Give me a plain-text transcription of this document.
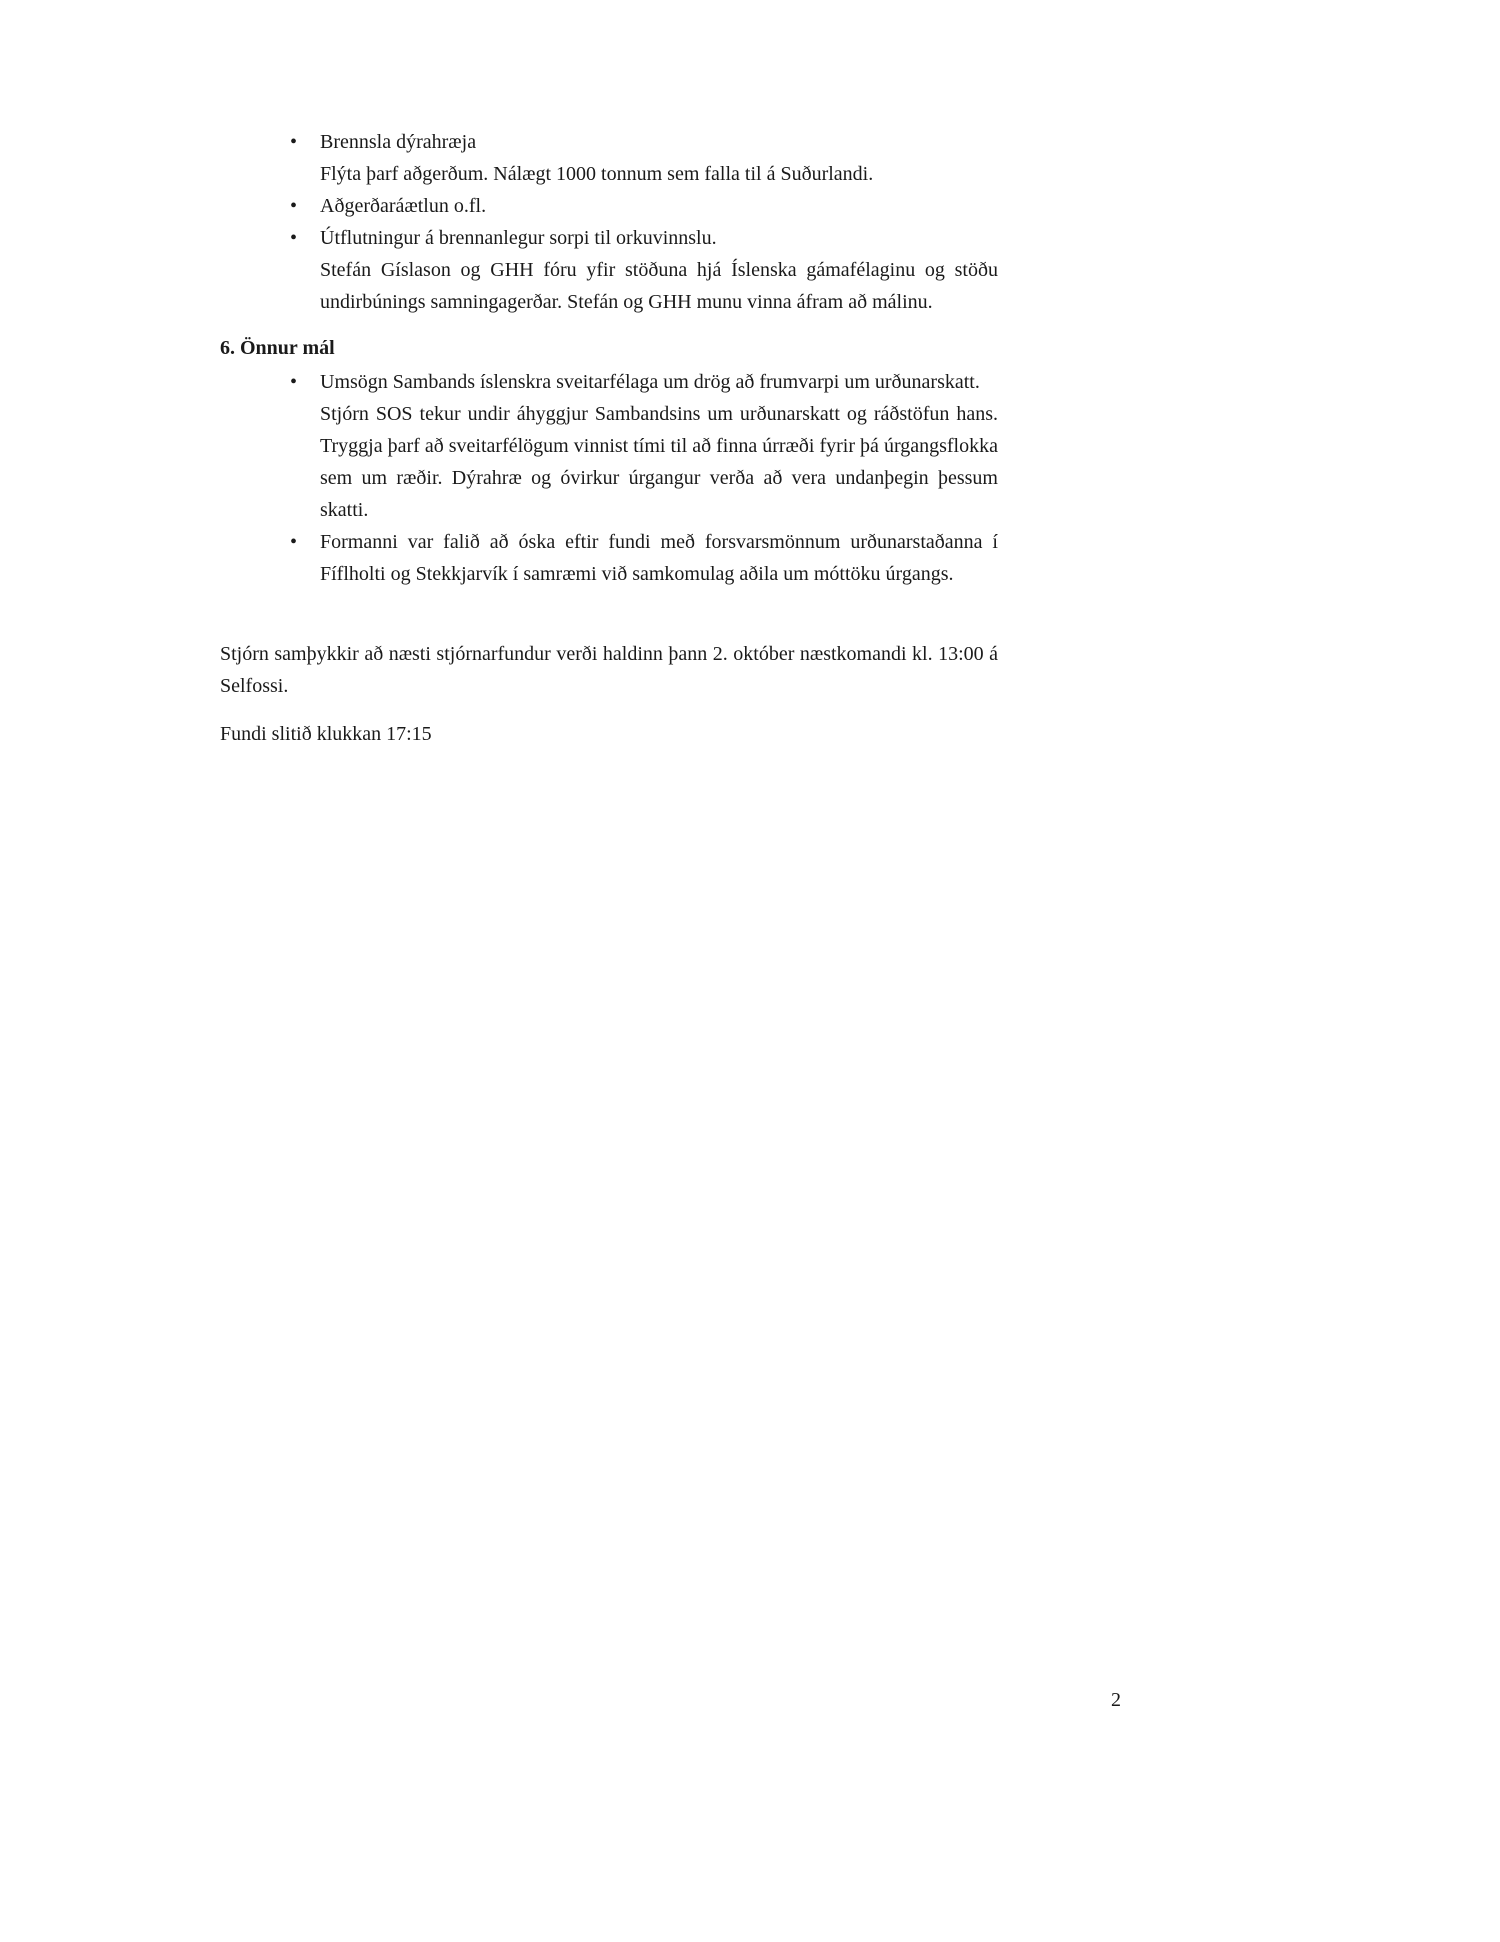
•
Brennsla dýrahræja
Flýta þarf aðgerðum. Nálægt 1000 tonnum sem falla til á Suðurlandi.
•
Aðgerðaráætlun o.fl.
•
Útflutningur á brennanlegur sorpi til orkuvinnslu.
Stefán Gíslason og GHH fóru yfir stöðuna hjá Íslenska gámafélaginu og stöðu undirbúnings samningagerðar. Stefán og GHH munu vinna áfram að málinu.
6. Önnur mál
•
Umsögn Sambands íslenskra sveitarfélaga um drög að frumvarpi um urðunarskatt.
Stjórn SOS tekur undir áhyggjur Sambandsins um urðunarskatt og ráðstöfun hans. Tryggja þarf að sveitarfélögum vinnist tími til að finna úrræði fyrir þá úrgangsflokka sem um ræðir. Dýrahræ og óvirkur úrgangur verða að vera undanþegin þessum skatti.
•
Formanni var falið að óska eftir fundi með forsvarsmönnum urðunarstaðanna í Fíflholti og Stekkjarvík í samræmi við samkomulag aðila um móttöku úrgangs.

Stjórn samþykkir að næsti stjórnarfundur verði haldinn þann 2. október næstkomandi kl. 13:00 á Selfossi.

Fundi slitið klukkan 17:15

2
